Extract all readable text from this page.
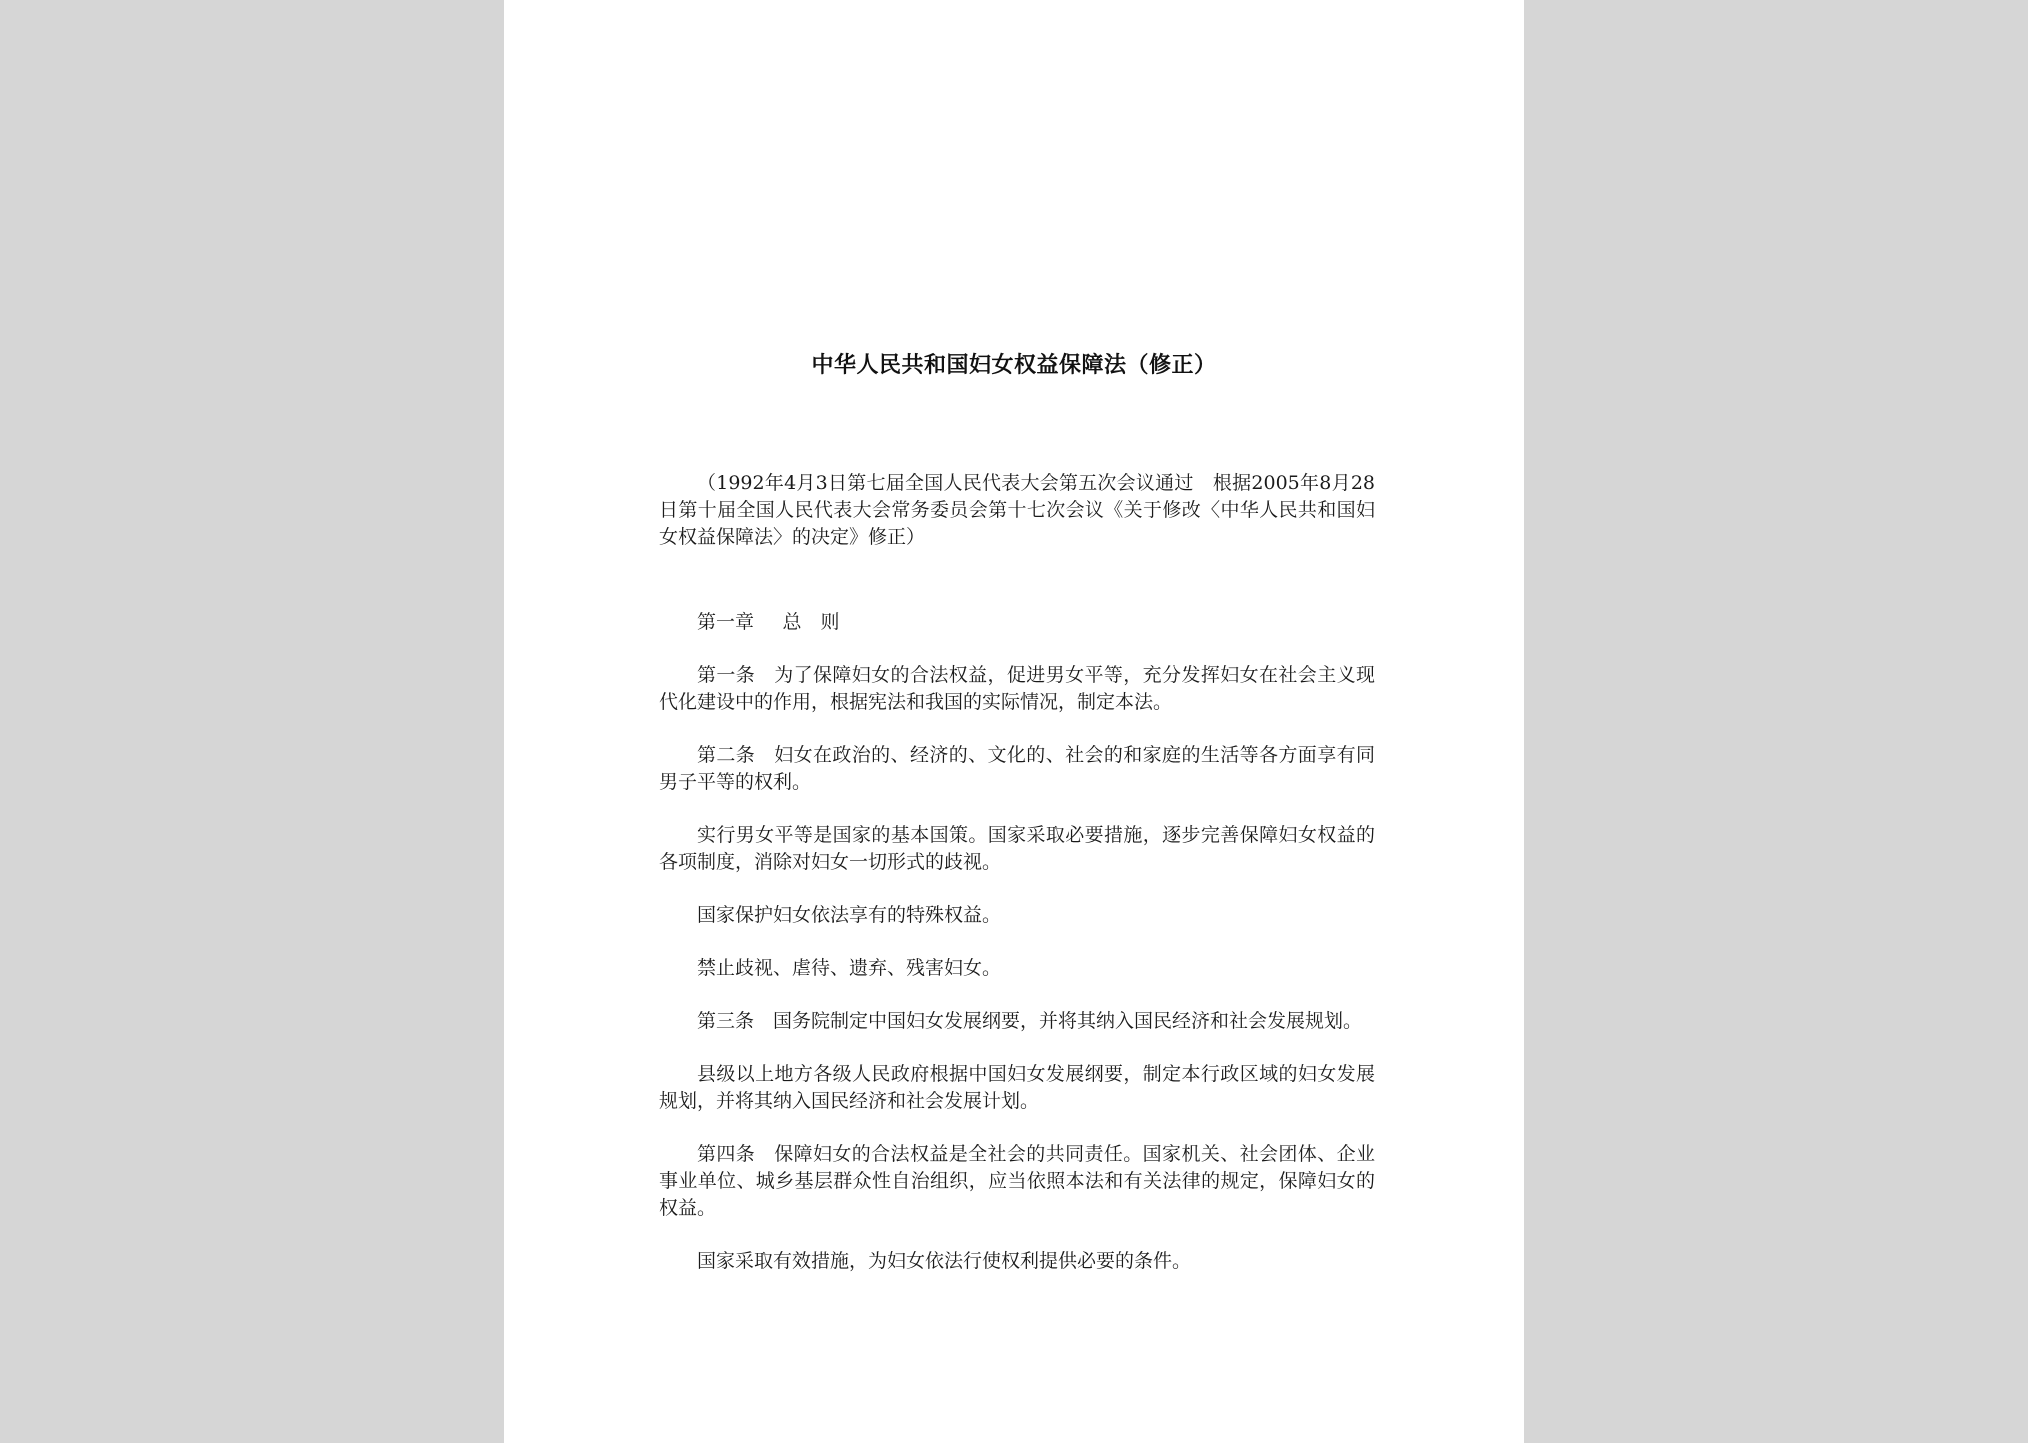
中华人民共和国妇女权益保障法（修正）

（1992年4月3日第七届全国人民代表大会第五次会议通过　根据2005年8月28日第十届全国人民代表大会常务委员会第十七次会议《关于修改〈中华人民共和国妇女权益保障法〉的决定》修正）

第一章 总　则

第一条 为了保障妇女的合法权益，促进男女平等，充分发挥妇女在社会主义现代化建设中的作用，根据宪法和我国的实际情况，制定本法。

第二条 妇女在政治的、经济的、文化的、社会的和家庭的生活等各方面享有同男子平等的权利。

实行男女平等是国家的基本国策。国家采取必要措施，逐步完善保障妇女权益的各项制度，消除对妇女一切形式的歧视。

国家保护妇女依法享有的特殊权益。

禁止歧视、虐待、遗弃、残害妇女。

第三条 国务院制定中国妇女发展纲要，并将其纳入国民经济和社会发展规划。

县级以上地方各级人民政府根据中国妇女发展纲要，制定本行政区域的妇女发展规划，并将其纳入国民经济和社会发展计划。

第四条 保障妇女的合法权益是全社会的共同责任。国家机关、社会团体、企业事业单位、城乡基层群众性自治组织，应当依照本法和有关法律的规定，保障妇女的权益。

国家采取有效措施，为妇女依法行使权利提供必要的条件。
